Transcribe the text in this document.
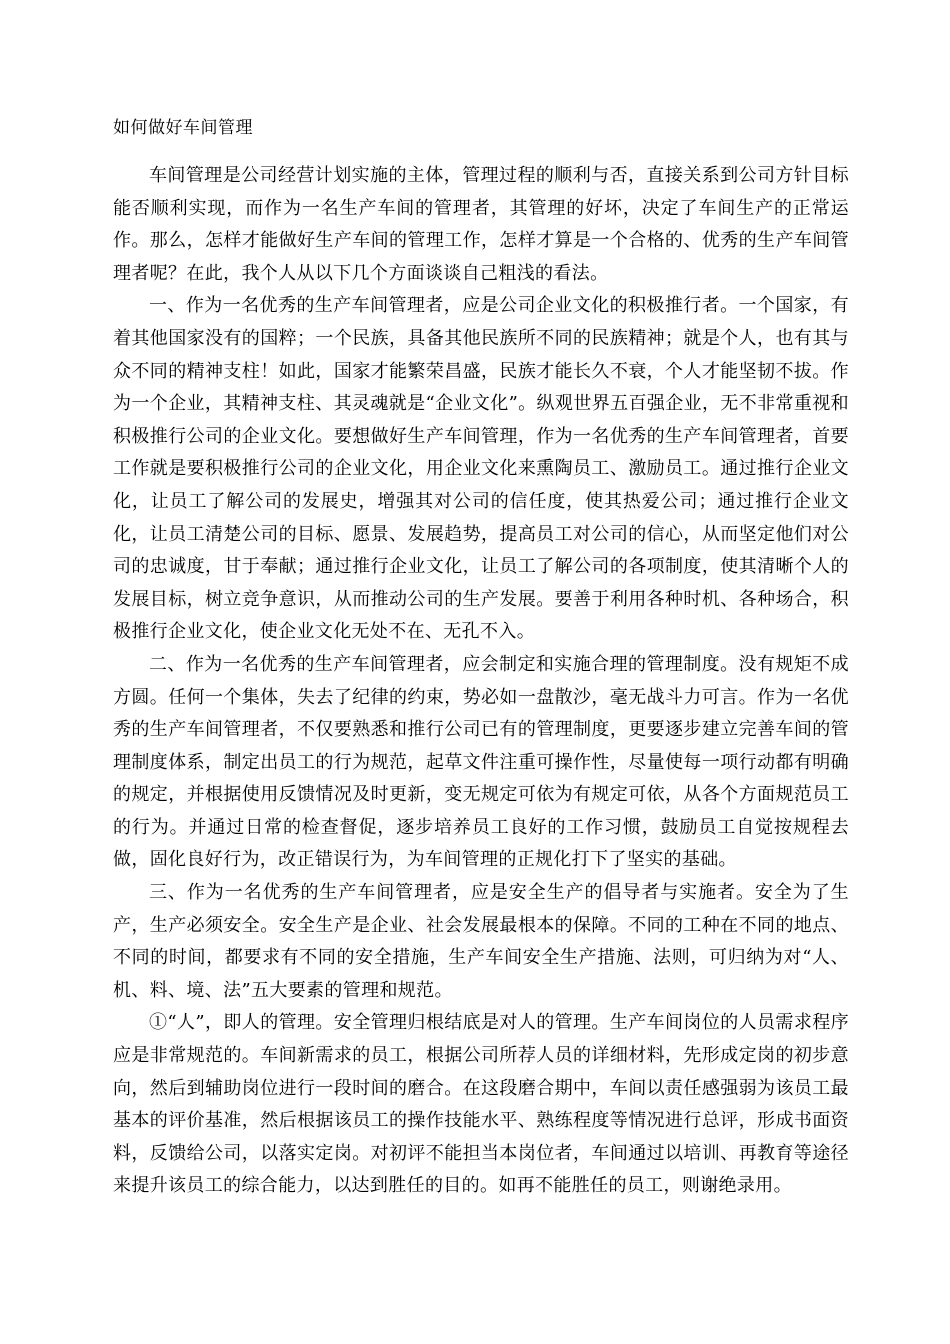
如何做好车间管理

车间管理是公司经营计划实施的主体，管理过程的顺利与否，直接关系到公司方针目标能否顺利实现，而作为一名生产车间的管理者，其管理的好坏，决定了车间生产的正常运作。那么，怎样才能做好生产车间的管理工作，怎样才算是一个合格的、优秀的生产车间管理者呢？在此，我个人从以下几个方面谈谈自己粗浅的看法。

一、作为一名优秀的生产车间管理者，应是公司企业文化的积极推行者。一个国家，有着其他国家没有的国粹；一个民族，具备其他民族所不同的民族精神；就是个人，也有其与众不同的精神支柱！如此，国家才能繁荣昌盛，民族才能长久不衰，个人才能坚韧不拔。作为一个企业，其精神支柱、其灵魂就是“企业文化”。纵观世界五百强企业，无不非常重视和积极推行公司的企业文化。要想做好生产车间管理，作为一名优秀的生产车间管理者，首要工作就是要积极推行公司的企业文化，用企业文化来熏陶员工、激励员工。通过推行企业文化，让员工了解公司的发展史，增强其对公司的信任度，使其热爱公司；通过推行企业文化，让员工清楚公司的目标、愿景、发展趋势，提高员工对公司的信心，从而坚定他们对公司的忠诚度，甘于奉献；通过推行企业文化，让员工了解公司的各项制度，使其清晰个人的发展目标，树立竞争意识，从而推动公司的生产发展。要善于利用各种时机、各种场合，积极推行企业文化，使企业文化无处不在、无孔不入。

二、作为一名优秀的生产车间管理者，应会制定和实施合理的管理制度。没有规矩不成方圆。任何一个集体，失去了纪律的约束，势必如一盘散沙，毫无战斗力可言。作为一名优秀的生产车间管理者，不仅要熟悉和推行公司已有的管理制度，更要逐步建立完善车间的管理制度体系，制定出员工的行为规范，起草文件注重可操作性，尽量使每一项行动都有明确的规定，并根据使用反馈情况及时更新，变无规定可依为有规定可依，从各个方面规范员工的行为。并通过日常的检查督促，逐步培养员工良好的工作习惯，鼓励员工自觉按规程去做，固化良好行为，改正错误行为，为车间管理的正规化打下了坚实的基础。

三、作为一名优秀的生产车间管理者，应是安全生产的倡导者与实施者。安全为了生产，生产必须安全。安全生产是企业、社会发展最根本的保障。不同的工种在不同的地点、不同的时间，都要求有不同的安全措施，生产车间安全生产措施、法则，可归纳为对“人、机、料、境、法”五大要素的管理和规范。

①“人”，即人的管理。安全管理归根结底是对人的管理。生产车间岗位的人员需求程序应是非常规范的。车间新需求的员工，根据公司所荐人员的详细材料，先形成定岗的初步意向，然后到辅助岗位进行一段时间的磨合。在这段磨合期中，车间以责任感强弱为该员工最基本的评价基准，然后根据该员工的操作技能水平、熟练程度等情况进行总评，形成书面资料，反馈给公司，以落实定岗。对初评不能担当本岗位者，车间通过以培训、再教育等途径来提升该员工的综合能力，以达到胜任的目的。如再不能胜任的员工，则谢绝录用。
